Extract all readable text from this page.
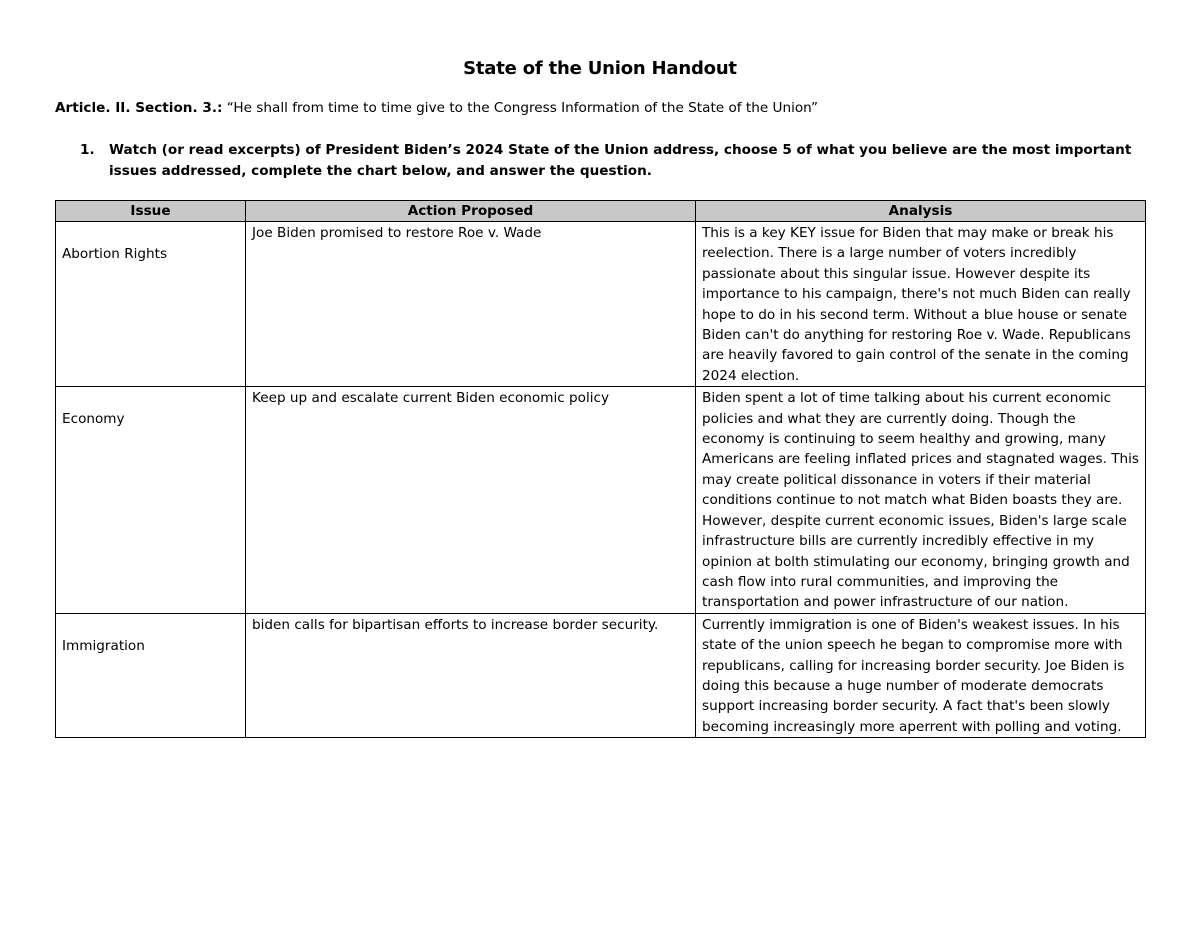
State of the Union Handout
Article. II. Section. 3.: “He shall from time to time give to the Congress Information of the State of the Union”
1.	Watch (or read excerpts) of President Biden’s 2024 State of the Union address, choose 5 of what you believe are the most important issues addressed, complete the chart below, and answer the question.
Issue	Action Proposed	Analysis

Abortion Rights	Joe Biden promised to restore Roe v. Wade	This is a key KEY issue for Biden that may make or break his reelection. There is a large number of voters incredibly passionate about this singular issue. However despite its importance to his campaign, there's not much Biden can really hope to do in his second term. Without a blue house or senate Biden can't do anything for restoring Roe v. Wade. Republicans are heavily favored to gain control of the senate in the coming 2024 election.

Economy	Keep up and escalate current Biden economic policy	Biden spent a lot of time talking about his current economic policies and what they are currently doing. Though the economy is continuing to seem healthy and growing, many Americans are feeling inflated prices and stagnated wages. This may create political dissonance in voters if their material conditions continue to not match what Biden boasts they are. However, despite current economic issues, Biden's large scale infrastructure bills are currently incredibly effective in my opinion at bolth stimulating our economy, bringing growth and cash flow into rural communities, and improving the transportation and power infrastructure of our nation.

Immigration	biden calls for bipartisan efforts to increase border security.	Currently immigration is one of Biden's weakest issues. In his state of the union speech he began to compromise more with republicans, calling for increasing border security. Joe Biden is doing this because a huge number of moderate democrats support increasing border security. A fact that's been slowly becoming increasingly more aperrent with polling and voting.
